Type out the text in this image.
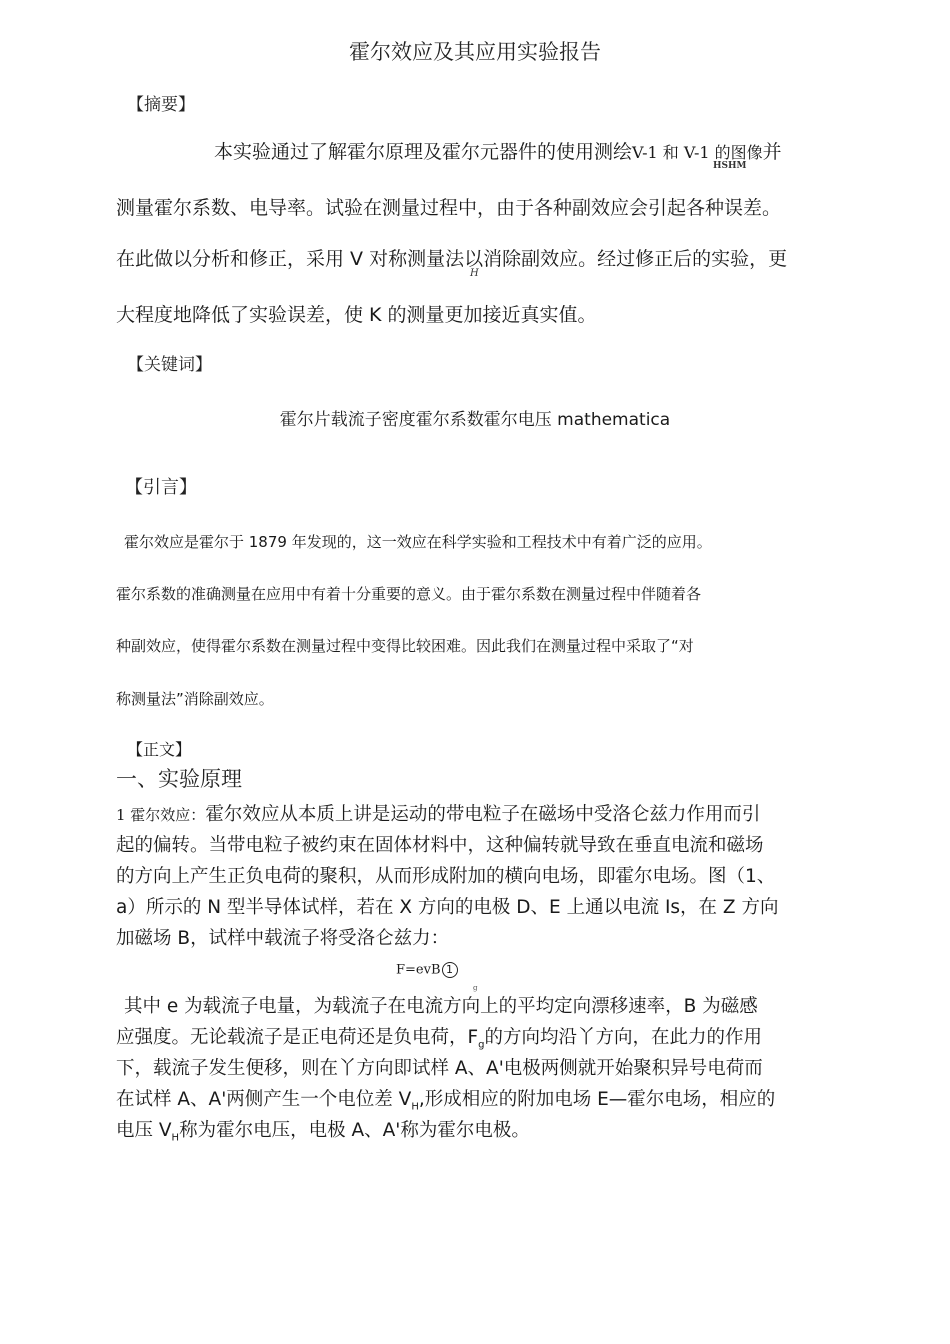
霍尔效应及其应用实验报告
【摘要】
本实验通过了解霍尔原理及霍尔元器件的使用测绘V-1 和 V-1 的图像并
HSHM
测量霍尔系数、电导率。试验在测量过程中，由于各种副效应会引起各种误差。
在此做以分析和修正，采用 V 对称测量法以消除副效应。经过修正后的实验，更
H
大程度地降低了实验误差，使 K 的测量更加接近真实值。
【关键词】
霍尔片载流子密度霍尔系数霍尔电压 mathematica
【引言】
霍尔效应是霍尔于 1879 年发现的，这一效应在科学实验和工程技术中有着广泛的应用。
霍尔系数的准确测量在应用中有着十分重要的意义。由于霍尔系数在测量过程中伴随着各
种副效应，使得霍尔系数在测量过程中变得比较困难。因此我们在测量过程中采取了“对
称测量法”消除副效应。
【正文】
一、实验原理
1 霍尔效应：霍尔效应从本质上讲是运动的带电粒子在磁场中受洛仑兹力作用而引
起的偏转。当带电粒子被约束在固体材料中，这种偏转就导致在垂直电流和磁场
的方向上产生正负电荷的聚积，从而形成附加的横向电场，即霍尔电场。图（1、
a）所示的 N 型半导体试样，若在 X 方向的电极 D、E 上通以电流 Is，在 Z 方向
加磁场 B，试样中载流子将受洛仑兹力：
F=evB 1
g
其中 e 为载流子电量，为载流子在电流方向上的平均定向漂移速率，B 为磁感
应强度。无论载流子是正电荷还是负电荷，$F_g$的方向均沿丫方向，在此力的作用
下，载流子发生便移，则在丫方向即试样 A、A'电极两侧就开始聚积异号电荷而
在试样 A、A'两侧产生一个电位差 $V_H$,形成相应的附加电场 E—霍尔电场，相应的
电压 $V_H$称为霍尔电压，电极 A、A'称为霍尔电极。
